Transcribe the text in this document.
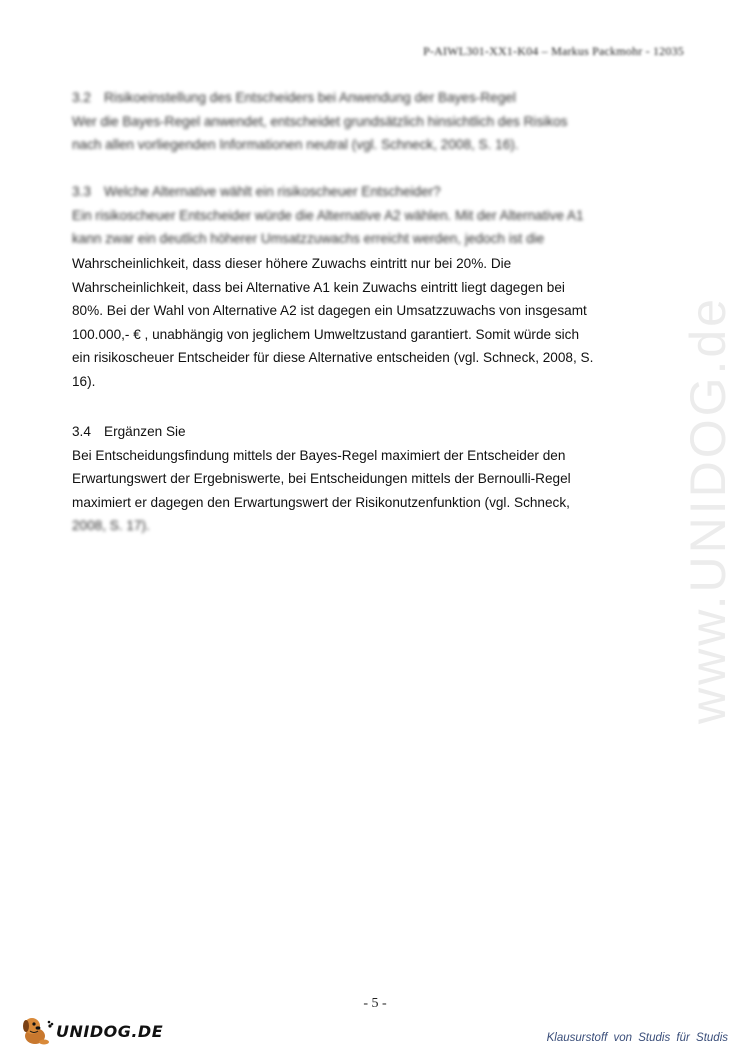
P-AIWL301-XX1-K04 – Markus Packmohr - 12035
www.UNIDOG.de

3.2 Risikoeinstellung des Entscheiders bei Anwendung der Bayes-Regel

Wer die Bayes-Regel anwendet, entscheidet grundsätzlich hinsichtlich des Risikos

nach allen vorliegenden Informationen neutral (vgl. Schneck, 2008, S. 16).

3.3 Welche Alternative wählt ein risikoscheuer Entscheider?

Ein risikoscheuer Entscheider würde die Alternative A2 wählen. Mit der Alternative A1

kann zwar ein deutlich höherer Umsatzzuwachs erreicht werden, jedoch ist die

Wahrscheinlichkeit, dass dieser höhere Zuwachs eintritt nur bei 20%. Die

Wahrscheinlichkeit, dass bei Alternative A1 kein Zuwachs eintritt liegt dagegen bei

80%. Bei der Wahl von Alternative A2 ist dagegen ein Umsatzzuwachs von insgesamt

100.000,- € , unabhängig von jeglichem Umweltzustand garantiert. Somit würde sich

ein risikoscheuer Entscheider für diese Alternative entscheiden (vgl. Schneck, 2008, S.

16).

3.4 Ergänzen Sie

Bei Entscheidungsfindung mittels der Bayes-Regel maximiert der Entscheider den

Erwartungswert der Ergebniswerte, bei Entscheidungen mittels der Bernoulli-Regel

maximiert er dagegen den Erwartungswert der Risikonutzenfunktion (vgl. Schneck,

2008, S. 17).

- 5 -
UNIDOG.DE	Klausurstoff von Studis für Studis
